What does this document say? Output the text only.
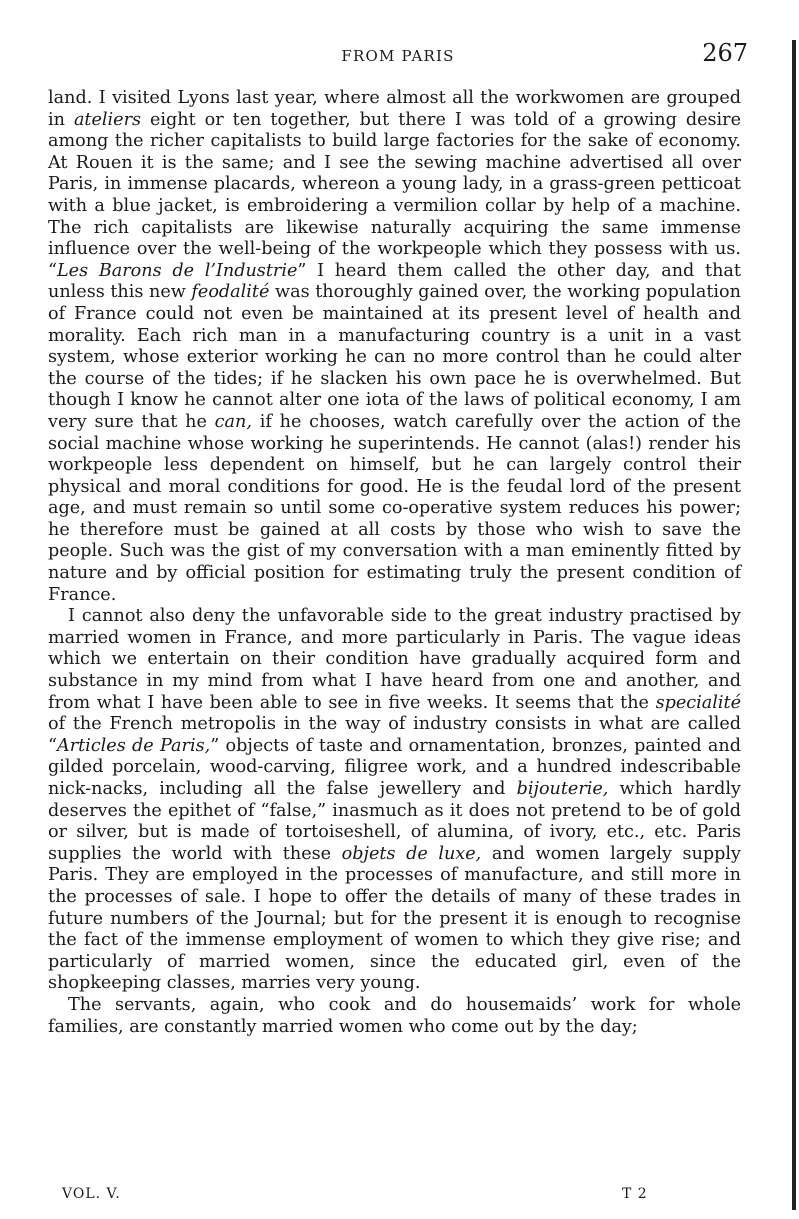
FROM PARIS	267

land. I visited Lyons last year, where almost all the workwomen are grouped in ateliers eight or ten together, but there I was told of a growing desire among the richer capitalists to build large factories for the sake of economy. At Rouen it is the same; and I see the sewing machine advertised all over Paris, in immense placards, whereon a young lady, in a grass-green petticoat with a blue jacket, is embroidering a vermilion collar by help of a machine. The rich capitalists are likewise naturally acquiring the same immense influence over the well-being of the workpeople which they possess with us. “Les Barons de l’Industrie” I heard them called the other day, and that unless this new feodalité was thoroughly gained over, the working population of France could not even be maintained at its present level of health and morality. Each rich man in a manufacturing country is a unit in a vast system, whose exterior working he can no more control than he could alter the course of the tides; if he slacken his own pace he is overwhelmed. But though I know he cannot alter one iota of the laws of political economy, I am very sure that he can, if he chooses, watch carefully over the action of the social machine whose working he superintends. He cannot (alas!) render his workpeople less dependent on himself, but he can largely control their physical and moral conditions for good. He is the feudal lord of the present age, and must remain so until some co-operative system reduces his power; he therefore must be gained at all costs by those who wish to save the people. Such was the gist of my conversation with a man eminently fitted by nature and by official position for estimating truly the present condition of France.

I cannot also deny the unfavorable side to the great industry practised by married women in France, and more particularly in Paris. The vague ideas which we entertain on their condition have gradually acquired form and substance in my mind from what I have heard from one and another, and from what I have been able to see in five weeks. It seems that the specialité of the French metropolis in the way of industry consists in what are called “Articles de Paris,” objects of taste and ornamentation, bronzes, painted and gilded porcelain, wood-carving, filigree work, and a hundred indescribable nick-nacks, including all the false jewellery and bijouterie, which hardly deserves the epithet of “false,” inasmuch as it does not pretend to be of gold or silver, but is made of tortoiseshell, of alumina, of ivory, etc., etc. Paris supplies the world with these objets de luxe, and women largely supply Paris. They are employed in the processes of manufacture, and still more in the processes of sale. I hope to offer the details of many of these trades in future numbers of the Journal; but for the present it is enough to recognise the fact of the immense employment of women to which they give rise; and particularly of married women, since the educated girl, even of the shopkeeping classes, marries very young.

The servants, again, who cook and do housemaids’ work for whole families, are constantly married women who come out by the day;

VOL. V.	T 2
